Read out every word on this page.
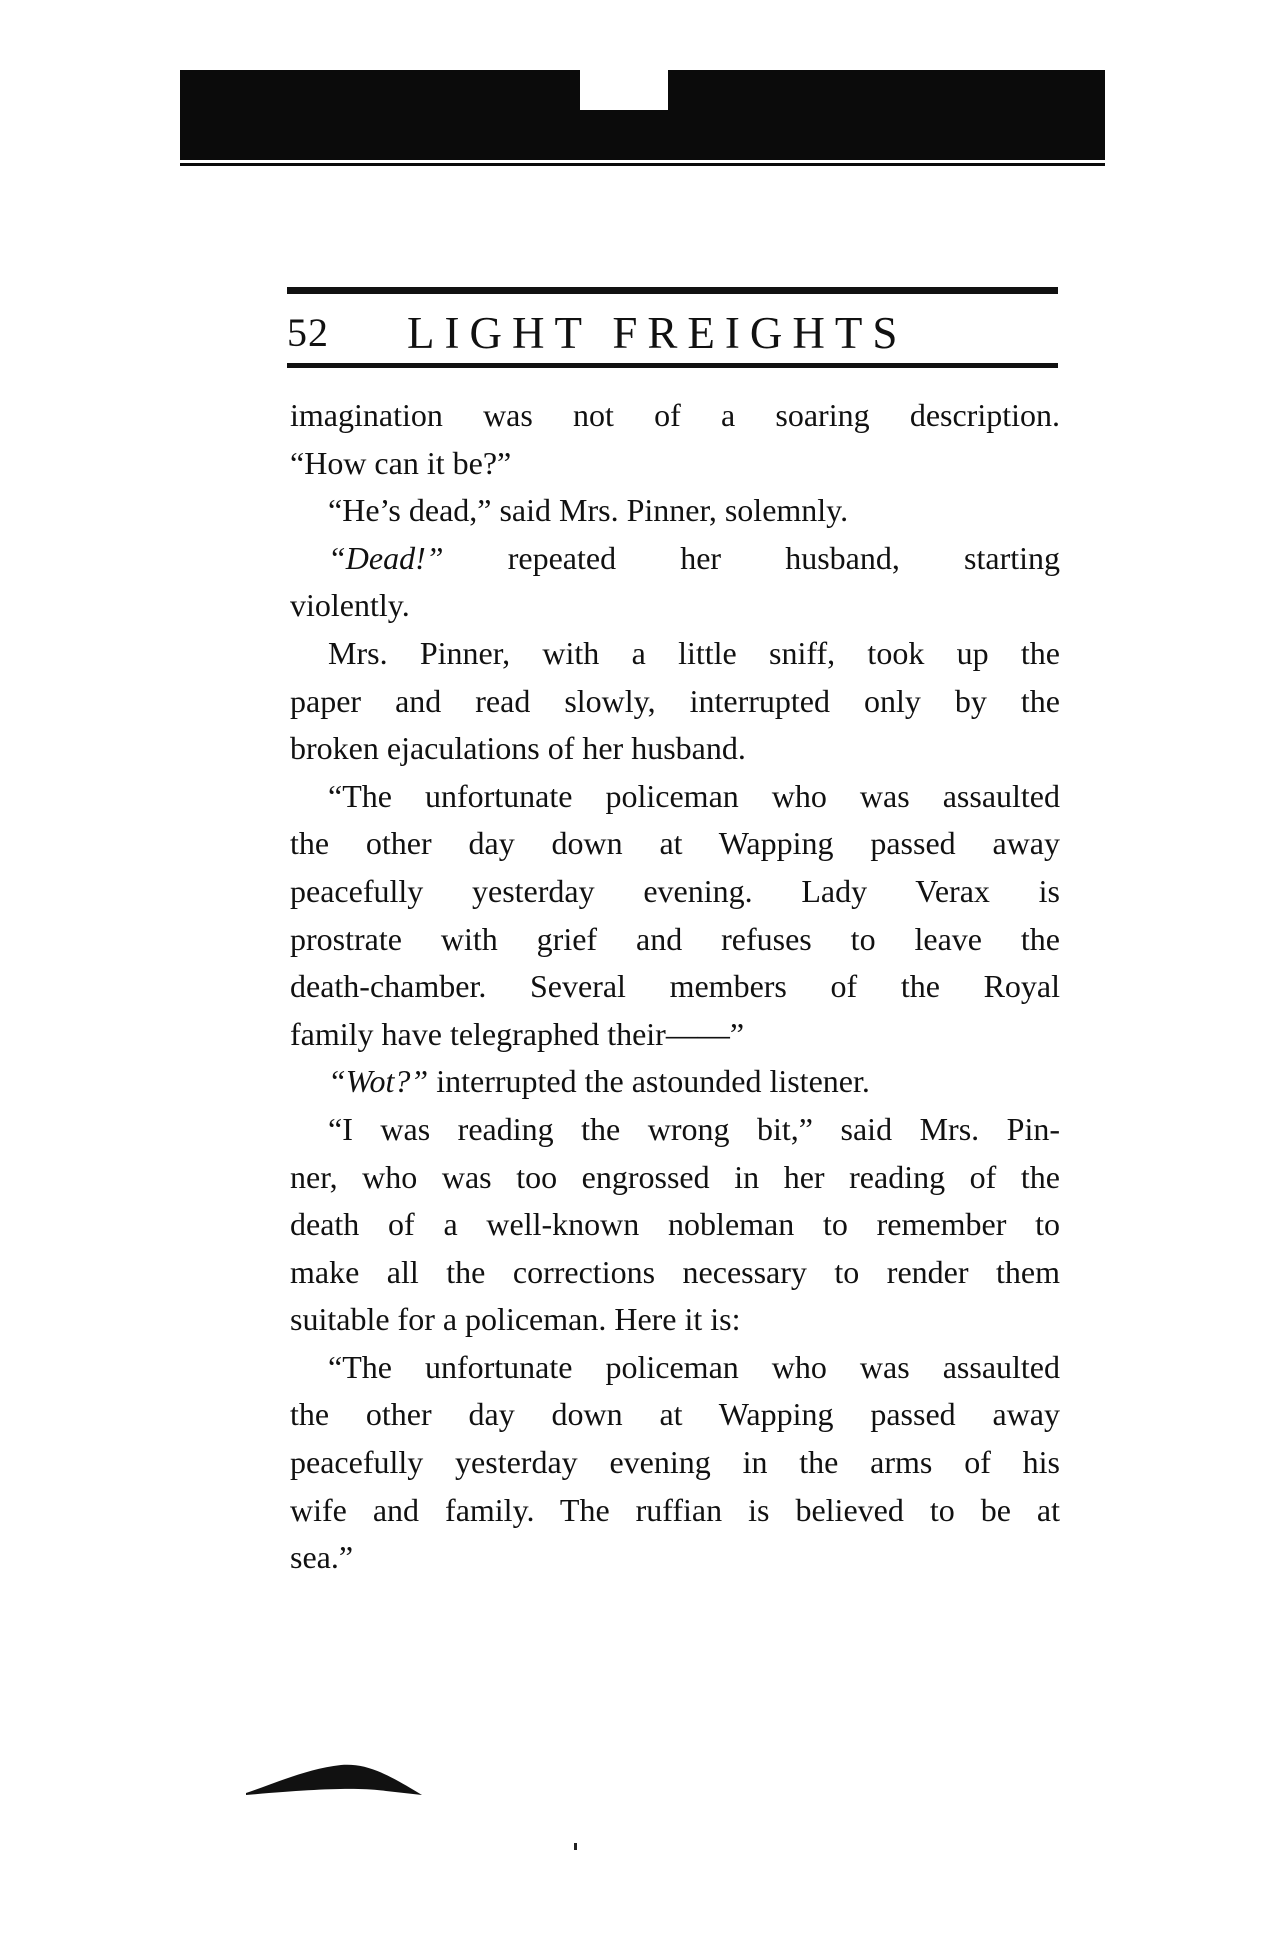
52 LIGHT FREIGHTS
imagination was not of a soaring description.
“How can it be?”
“He’s dead,” said Mrs. Pinner, solemnly.
“Dead!” repeated her husband, starting
violently.
Mrs. Pinner, with a little sniff, took up the
paper and read slowly, interrupted only by the
broken ejaculations of her husband.
“The unfortunate policeman who was assaulted
the other day down at Wapping passed away
peacefully yesterday evening. Lady Verax is
prostrate with grief and refuses to leave the
death-chamber. Several members of the Royal
family have telegraphed their——”
“Wot?” interrupted the astounded listener.
“I was reading the wrong bit,” said Mrs. Pin-
ner, who was too engrossed in her reading of the
death of a well-known nobleman to remember to
make all the corrections necessary to render them
suitable for a policeman. Here it is:
“The unfortunate policeman who was assaulted
the other day down at Wapping passed away
peacefully yesterday evening in the arms of his
wife and family. The ruffian is believed to be at
sea.”
